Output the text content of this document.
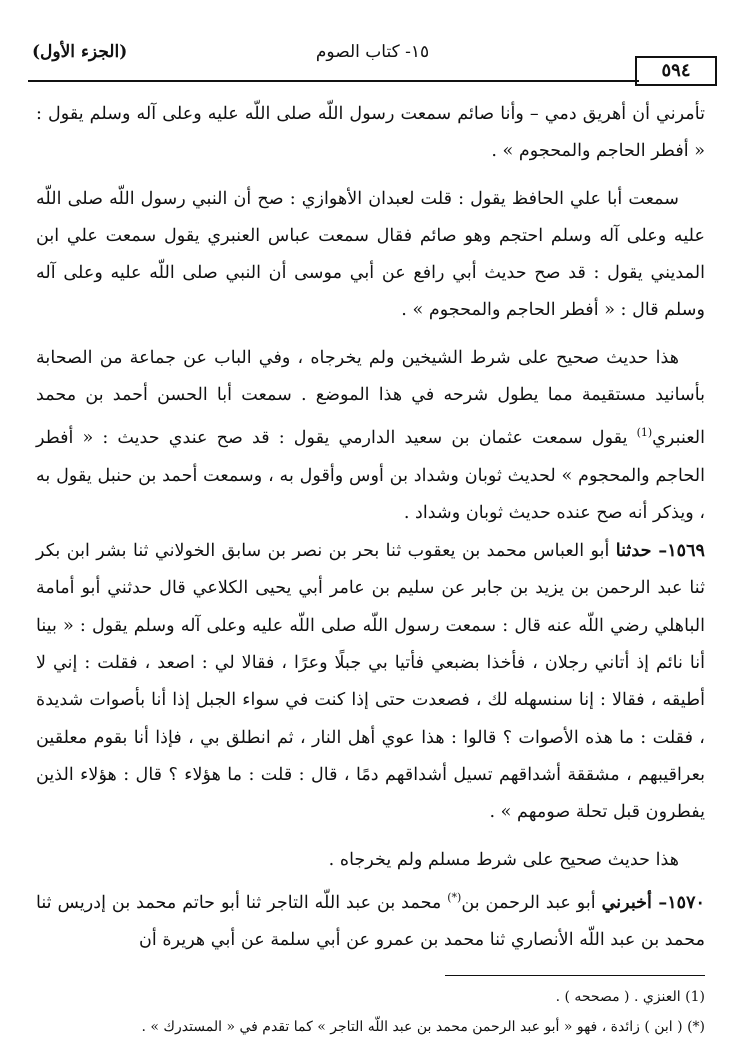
٥٩٤
١٥- كتاب الصوم
(الجزء الأول)

تأمرني أن أهريق دمي – وأنا صائم سمعت رسول اللّه صلى اللّه عليه وعلى آله وسلم يقول : « أفطر الحاجم والمحجوم » .

سمعت أبا علي الحافظ يقول : قلت لعبدان الأهوازي : صح أن النبي رسول اللّه صلى اللّه عليه وعلى آله وسلم احتجم وهو صائم فقال سمعت عباس العنبري يقول سمعت علي ابن المديني يقول : قد صح حديث أبي رافع عن أبي موسى أن النبي صلى اللّه عليه وعلى آله وسلم قال : « أفطر الحاجم والمحجوم » .

هذا حديث صحيح على شرط الشيخين ولم يخرجاه ، وفي الباب عن جماعة من الصحابة بأسانيد مستقيمة مما يطول شرحه في هذا الموضع . سمعت أبا الحسن أحمد بن محمد العنبري$^{(1)}$ يقول سمعت عثمان بن سعيد الدارمي يقول : قد صح عندي حديث : « أفطر الحاجم والمحجوم » لحديث ثوبان وشداد بن أوس وأقول به ، وسمعت أحمد بن حنبل يقول به ، ويذكر أنه صح عنده حديث ثوبان وشداد .

١٥٦٩– حدثنا أبو العباس محمد بن يعقوب ثنا بحر بن نصر بن سابق الخولاني ثنا بشر ابن بكر ثنا عبد الرحمن بن يزيد بن جابر عن سليم بن عامر أبي يحيى الكلاعي قال حدثني أبو أمامة الباهلي رضي اللّه عنه قال : سمعت رسول اللّه صلى اللّه عليه وعلى آله وسلم يقول : « بينا أنا نائم إذ أتاني رجلان ، فأخذا بضبعي فأتيا بي جبلًا وعرًا ، فقالا لي : اصعد ، فقلت : إني لا أطيقه ، فقالا : إنا سنسهله لك ، فصعدت حتى إذا كنت في سواء الجبل إذا أنا بأصوات شديدة ، فقلت : ما هذه الأصوات ؟ قالوا : هذا عوي أهل النار ، ثم انطلق بي ، فإذا أنا بقوم معلقين بعراقيبهم ، مشققة أشداقهم تسيل أشداقهم دمًا ، قال : قلت : ما هؤلاء ؟ قال : هؤلاء الذين يفطرون قبل تحلة صومهم » .

هذا حديث صحيح على شرط مسلم ولم يخرجاه .

١٥٧٠– أخبرني أبو عبد الرحمن بن(*) محمد بن عبد اللّه التاجر ثنا أبو حاتم محمد بن إدريس ثنا محمد بن عبد اللّه الأنصاري ثنا محمد بن عمرو عن أبي سلمة عن أبي هريرة أن

(1) العنزي . ( مصححه ) .
(*) ( ابن ) زائدة ، فهو « أبو عبد الرحمن محمد بن عبد اللّه التاجر » كما تقدم في « المستدرك » .
